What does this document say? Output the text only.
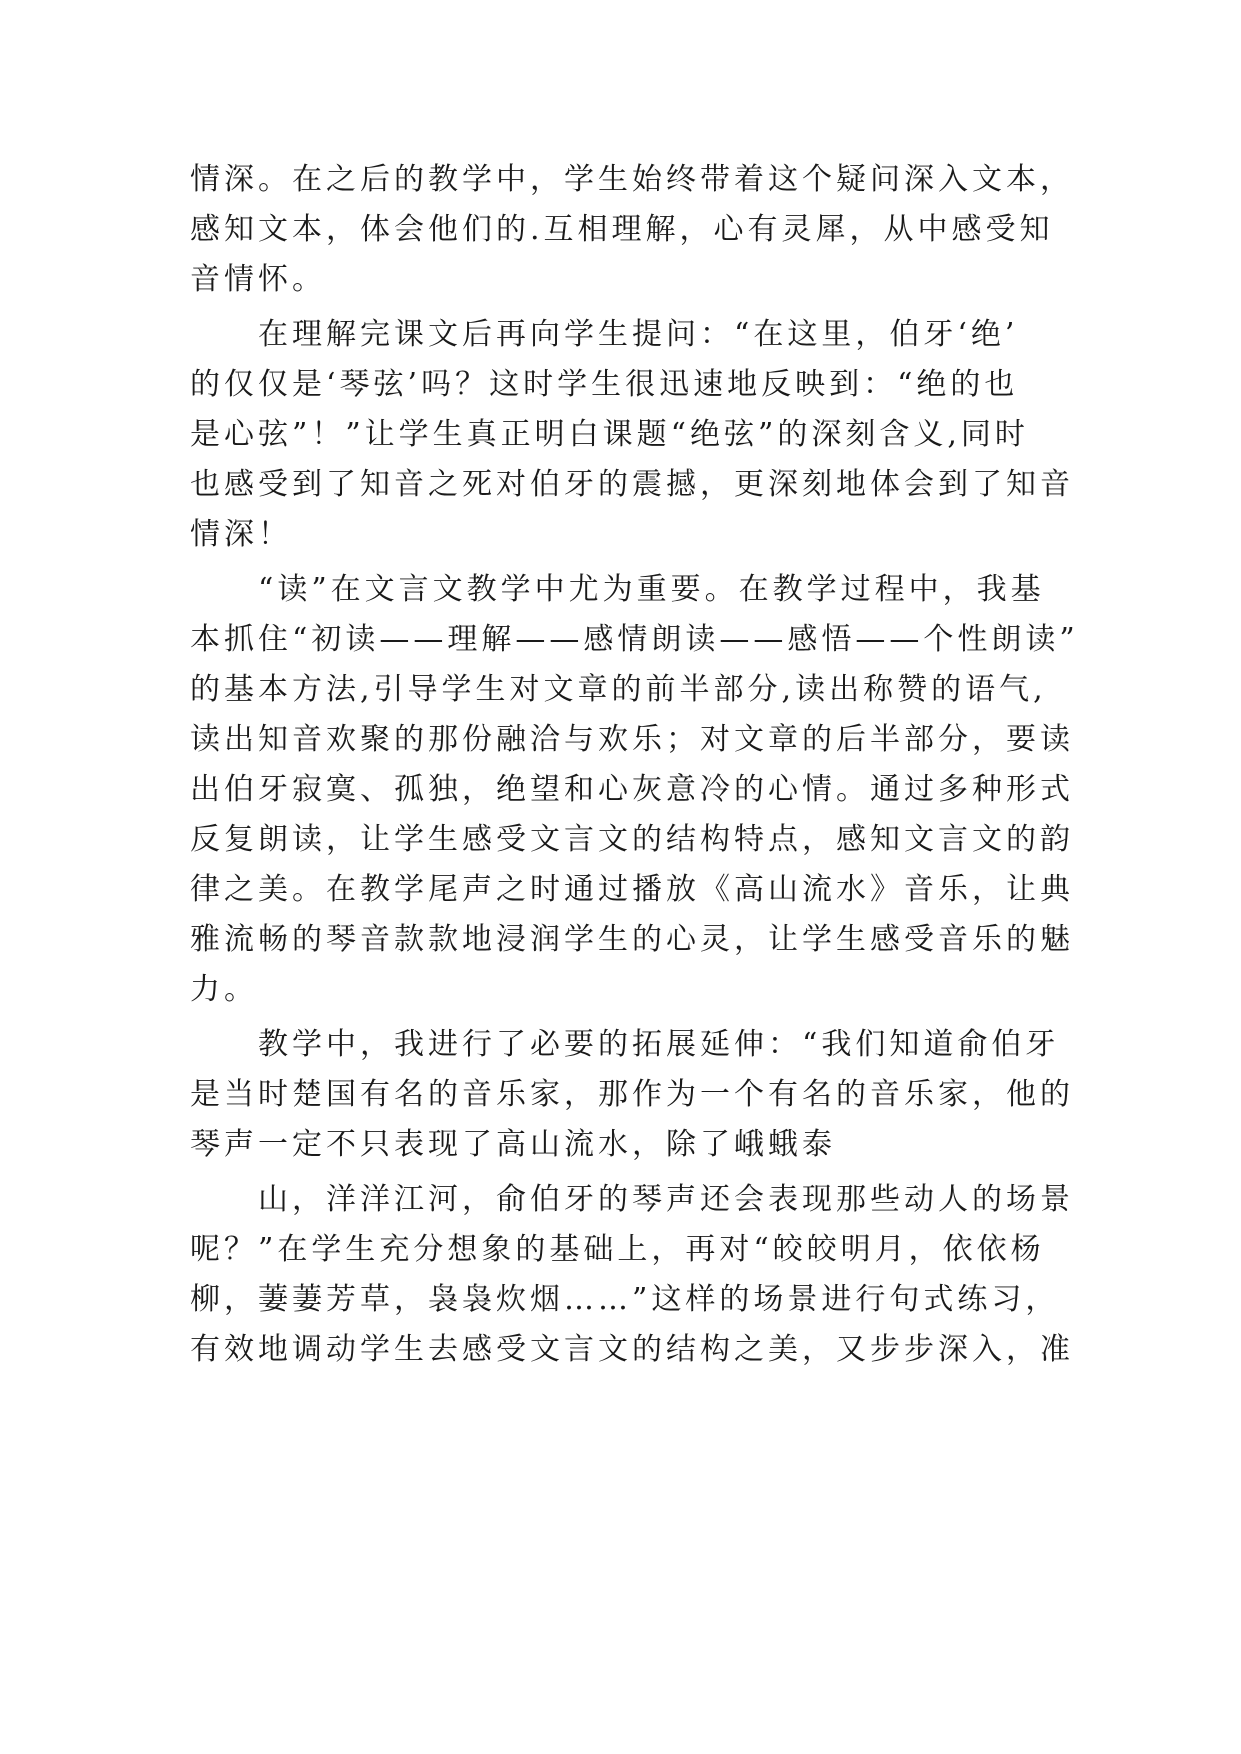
情深。在之后的教学中，学生始终带着这个疑问深入文本，
感知文本，体会他们的.互相理解，心有灵犀，从中感受知
音情怀。
　　在理解完课文后再向学生提问：“在这里，伯牙‘绝’
的仅仅是‘琴弦’吗？这时学生很迅速地反映到：“绝的也
是心弦”！”让学生真正明白课题“绝弦”的深刻含义,同时
也感受到了知音之死对伯牙的震撼，更深刻地体会到了知音
情深！
　　“读”在文言文教学中尤为重要。在教学过程中，我基
本抓住“初读——理解——感情朗读——感悟——个性朗读”
的基本方法,引导学生对文章的前半部分,读出称赞的语气,
读出知音欢聚的那份融洽与欢乐；对文章的后半部分，要读
出伯牙寂寞、孤独，绝望和心灰意冷的心情。通过多种形式
反复朗读，让学生感受文言文的结构特点，感知文言文的韵
律之美。在教学尾声之时通过播放《高山流水》音乐，让典
雅流畅的琴音款款地浸润学生的心灵，让学生感受音乐的魅
力。
　　教学中，我进行了必要的拓展延伸：“我们知道俞伯牙
是当时楚国有名的音乐家，那作为一个有名的音乐家，他的
琴声一定不只表现了高山流水，除了峨蛾泰
　　山，洋洋江河，俞伯牙的琴声还会表现那些动人的场景
呢？”在学生充分想象的基础上，再对“皎皎明月，依依杨
柳，萋萋芳草，袅袅炊烟……”这样的场景进行句式练习，
有效地调动学生去感受文言文的结构之美，又步步深入，准
